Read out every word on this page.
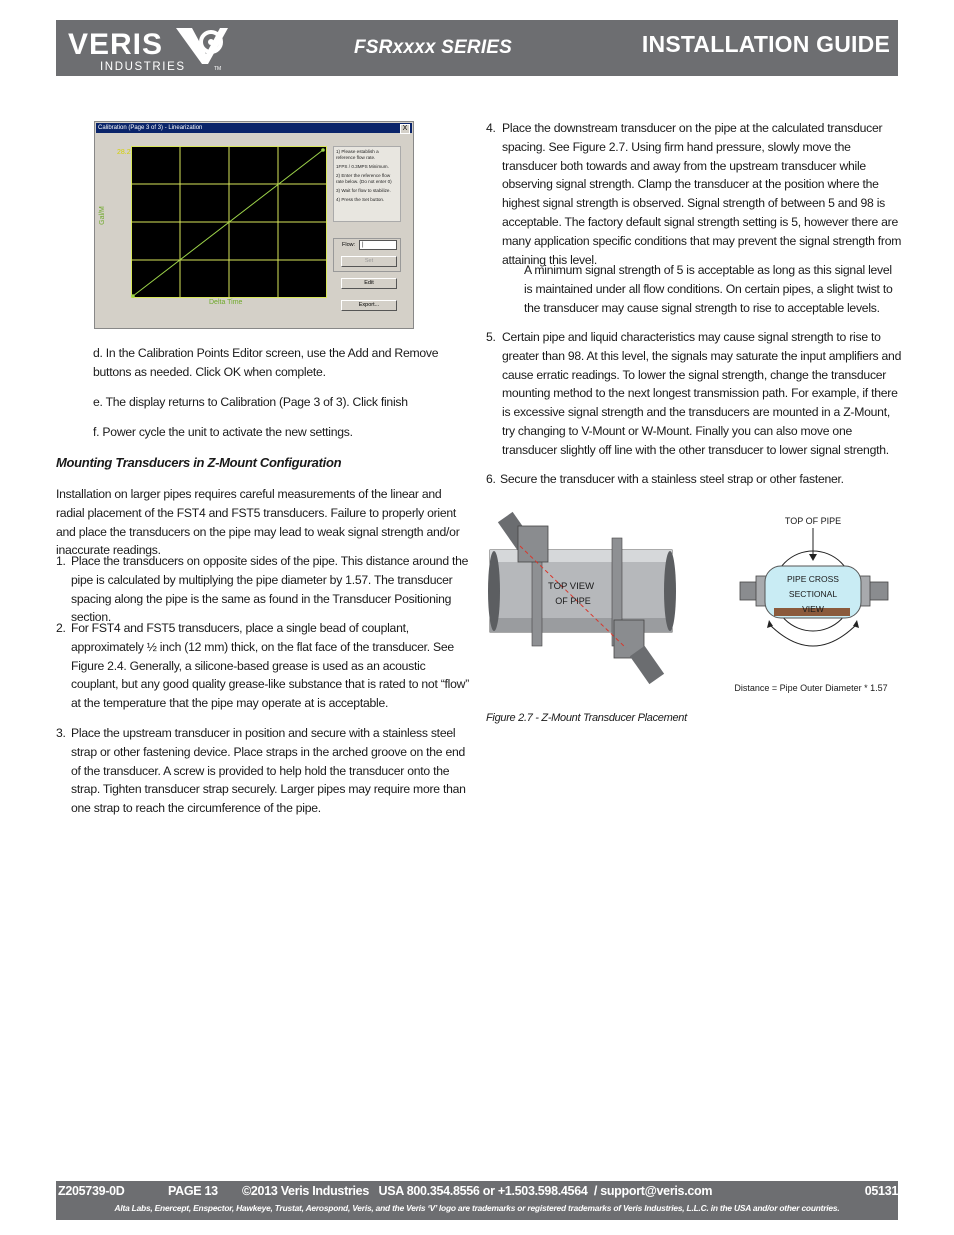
VERIS
INDUSTRIES	TM
FSRxxxx SERIES	INSTALLATION GUIDE
Calibration (Page 3 of 3) - Linearization	X
28.2
Gal/M
Delta Time

1) Please establish a reference flow rate.

1FPS / 0.3MPS Minimum.

2) Enter the reference flow rate below. (Do not enter 0)

3) Wait for flow to stabilize.

4) Press the Set button.

Flow:	|
Set
Edit
Export...
d. In the Calibration Points Editor screen, use the Add and Remove buttons as needed. Click OK when complete.
e. The display returns to Calibration (Page 3 of 3). Click finish
f. Power cycle the unit to activate the new settings.
Mounting Transducers in Z-Mount Configuration
Installation on larger pipes requires careful measurements of the linear and radial placement of the FST4 and FST5 transducers. Failure to properly orient and place the transducers on the pipe may lead to weak signal strength and/or inaccurate readings.
1. Place the transducers on opposite sides of the pipe. This distance around the pipe is calculated by multiplying the pipe diameter by 1.57. The transducer spacing along the pipe is the same as found in the Transducer Positioning section.
2. For FST4 and FST5 transducers, place a single bead of couplant, approximately ½ inch (12 mm) thick, on the flat face of the transducer. See Figure 2.4. Generally, a silicone-based grease is used as an acoustic couplant, but any good quality grease-like substance that is rated to not “flow” at the temperature that the pipe may operate at is acceptable.
3. Place the upstream transducer in position and secure with a stainless steel strap or other fastening device. Place straps in the arched groove on the end of the transducer. A screw is provided to help hold the transducer onto the strap. Tighten transducer strap securely. Larger pipes may require more than one strap to reach the circumference of the pipe.
4. Place the downstream transducer on the pipe at the calculated transducer spacing. See Figure 2.7. Using firm hand pressure, slowly move the transducer both towards and away from the upstream transducer while observing signal strength. Clamp the transducer at the position where the highest signal strength is observed. Signal strength of between 5 and 98 is acceptable. The factory default signal strength setting is 5, however there are many application specific conditions that may prevent the signal strength from attaining this level.
A minimum signal strength of 5 is acceptable as long as this signal level is maintained under all flow conditions. On certain pipes, a slight twist to the transducer may cause signal strength to rise to acceptable levels.
5. Certain pipe and liquid characteristics may cause signal strength to rise to greater than 98. At this level, the signals may saturate the input amplifiers and cause erratic readings. To lower the signal strength, change the transducer mounting method to the next longest transmission path. For example, if there is excessive signal strength and the transducers are mounted in a Z-Mount, try changing to V-Mount or W-Mount. Finally you can also move one transducer slightly off line with the other transducer to lower signal strength.
6. Secure the transducer with a stainless steel strap or other fastener.
TOP VIEW
OF PIPE
TOP OF PIPE
PIPE CROSS
SECTIONAL
VIEW
Distance = Pipe Outer Diameter * 1.57
Figure 2.7 - Z-Mount Transducer Placement
Z205739-0D	PAGE 13 ©2013 Veris Industries   USA 800.354.8556 or +1.503.598.4564  / support@veris.com	05131
Alta Labs, Enercept, Enspector, Hawkeye, Trustat, Aerospond, Veris, and the Veris ‘V’ logo are trademarks or registered trademarks of Veris Industries, L.L.C. in the USA and/or other countries.
